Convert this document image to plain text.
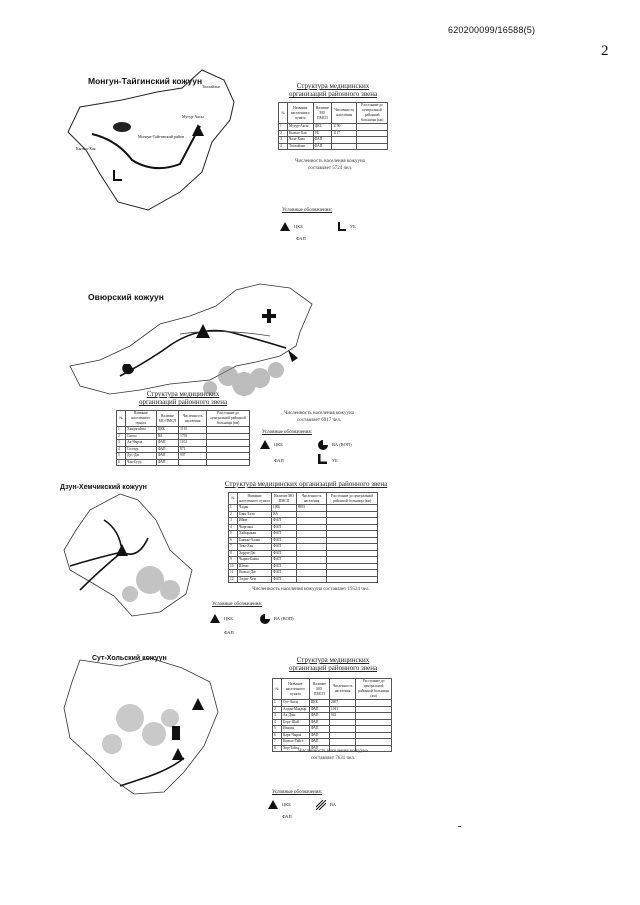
620200099/16588(5)
2
Монгун-Тайгинский кожуун
Мугур-Аксы
Монгун-Тайгинский район
Кызыл-Хая
Тоолайлыг	Структура медицинских
организаций районного звена
№	Название населенного пункта	Наличие МО ПМСП	Численность населения	Расстояние до центральной районной больницы (км)
1	Мугур-Аксы	ЦКБ	3190	
2	Кызыл-Хая	УБ	1117	
3	Чоза-Хова	ФАП		
4	Тоолайлыг	ФАП		
Численность населения кожууна
составляет 5724 чел.
Условные обозначения:
ЦКБ	УБ
ФАП
Овюрский кожуун
Структура медицинских
организаций районного звена
№	Название населенного пункта	Наличие МО ПМСП	Численность населения	Расстояние до центральной районной больницы (км)
1	Хандагайты	ЦКБ	3110	
2	Саглы	ВА	1793	
3	Ак-Чыраа	ФАП	1102	
4	Солчур	ФАП	871	
5	Дус-Даг	ФАП	907	
6	Чаа-Суур	ФАП		
Численность населения кожууна
составляет 6917 чел.
Условные обозначения:
ЦКБ	ВА (ВОП)
ФАП	УБ
Дзун-Хемчикский кожуун	Структура медицинских организаций районного звена
№	Название населенного пункта	Наличие МО ПМСП	Численность населения	Расстояние до центральной районной больницы (км)
1	Чадан	ЦКБ	8893	
2	Баян-Тала	ВА		
3	Ийме	ФАП		
4	Чыргакы	ФАП		
5	Хайыракан	ФАП		
6	Бажын-Алаак	ФАП		
7	Теве-Хая	ФАП		
8	Хорум-Даг	ФАП		
9	Чыраа-Бажы	ФАП		
10	Шеми	ФАП		
11	Кызыл-Даг	ФАП		
12	Элдиг-Хем	ФАП		
Численность населения кожууна составляет 19524 чел.
Условные обозначения:
ЦКБ	ВА (ВОП)
ФАП
Сут-Хольский кожуун	Структура медицинских
организаций районного звена
№	Название населенного пункта	Наличие МО ПМСП	Численность населения	Расстояние до центральной районной больницы (км)
1	Суг-Аксы	ЦКБ	2697	
2	Алдан-Маадыр	ФАП	1041	
3	Ак-Даш	ФАП	942	
4	Бору-Шай	ФАП		
5	Ишкин	ФАП		
6	Кара-Чыраа	ФАП		
7	Кызыл-Тайга	ФАП		
8	Хор-Тайга	ФАП		
Численность населения кожууна
составляет 7631 чел.
Условные обозначения:
ЦКБ
ФАП
ВА
